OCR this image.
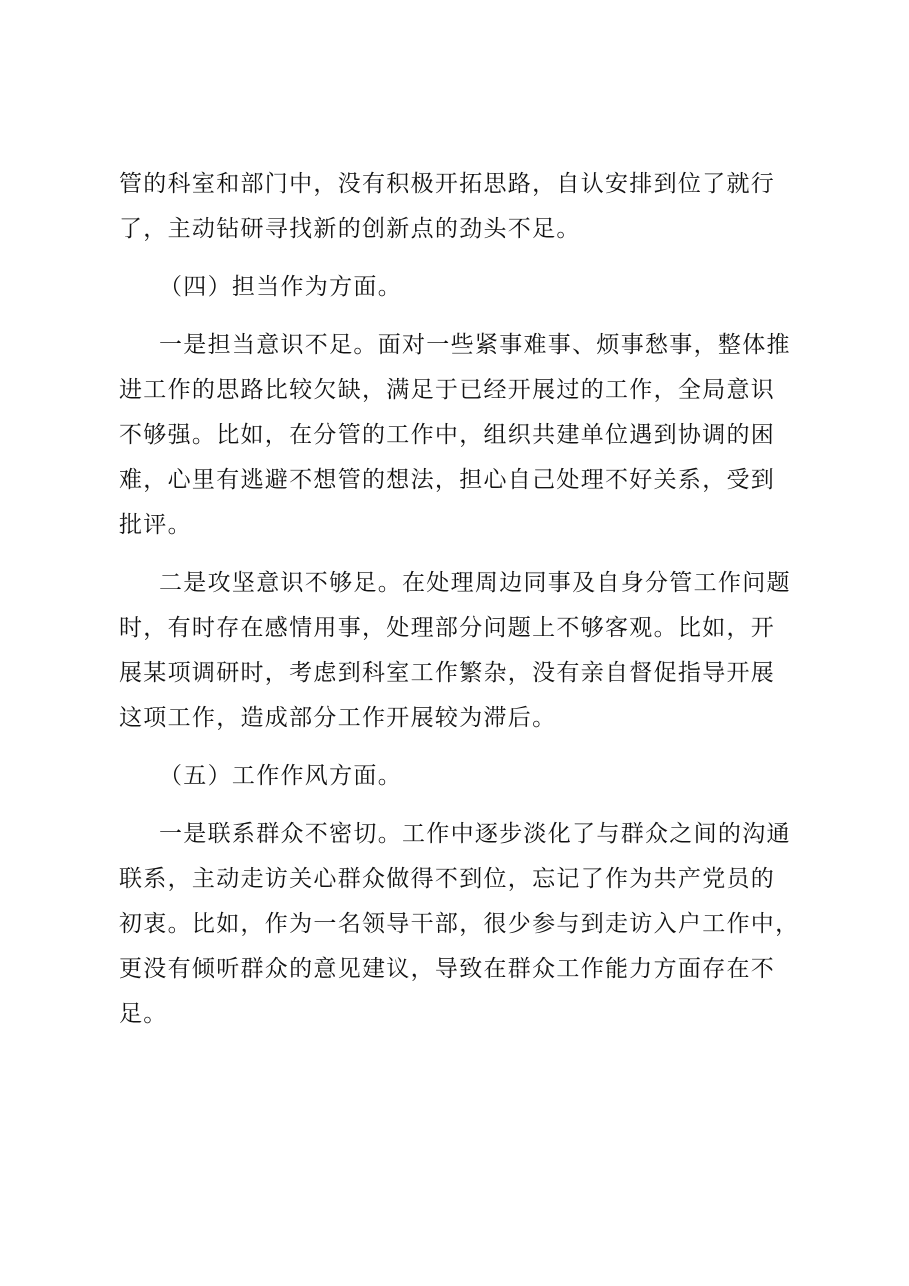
管的科室和部门中，没有积极开拓思路，自认安排到位了就行
了，主动钻研寻找新的创新点的劲头不足。
（四）担当作为方面。
一是担当意识不足。面对一些紧事难事、烦事愁事，整体推
进工作的思路比较欠缺，满足于已经开展过的工作，全局意识
不够强。比如，在分管的工作中，组织共建单位遇到协调的困
难，心里有逃避不想管的想法，担心自己处理不好关系，受到
批评。
二是攻坚意识不够足。在处理周边同事及自身分管工作问题
时，有时存在感情用事，处理部分问题上不够客观。比如，开
展某项调研时，考虑到科室工作繁杂，没有亲自督促指导开展
这项工作，造成部分工作开展较为滞后。
（五）工作作风方面。
一是联系群众不密切。工作中逐步淡化了与群众之间的沟通
联系，主动走访关心群众做得不到位，忘记了作为共产党员的
初衷。比如，作为一名领导干部，很少参与到走访入户工作中，
更没有倾听群众的意见建议，导致在群众工作能力方面存在不
足。
